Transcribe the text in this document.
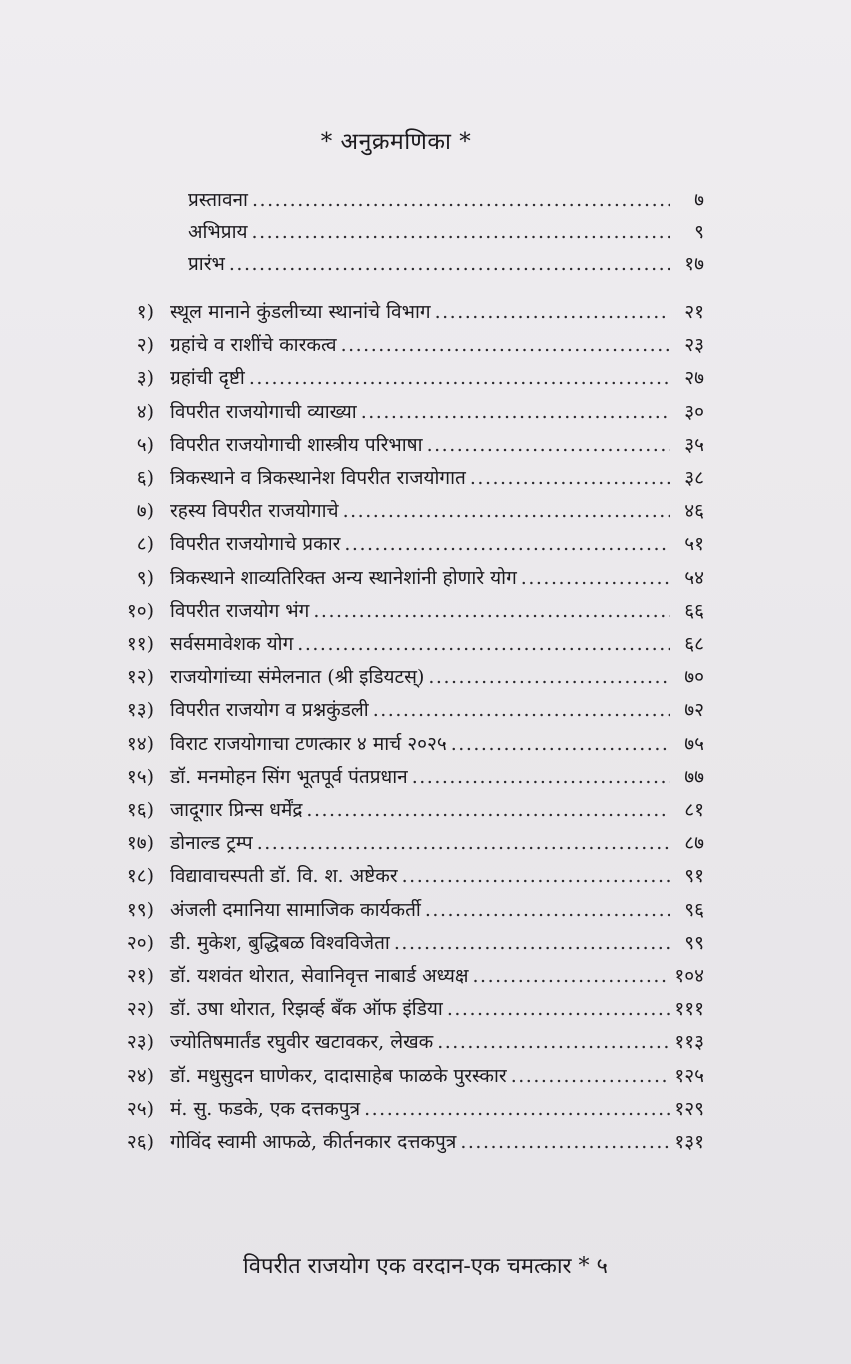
* अनुक्रमणिका *
प्रस्तावना .....	७
अभिप्राय .....	९
प्रारंभ .....	१७
१) स्थूल मानाने कुंडलीच्या स्थानांचे विभाग .....	२१
२) ग्रहांचे व राशींचे कारकत्व .....	२३
३) ग्रहांची दृष्टी .....	२७
४) विपरीत राजयोगाची व्याख्या .....	३०
५) विपरीत राजयोगाची शास्त्रीय परिभाषा .....	३५
६) त्रिकस्थाने व त्रिकस्थानेश विपरीत राजयोगात .....	३८
७) रहस्य विपरीत राजयोगाचे .....	४६
८) विपरीत राजयोगाचे प्रकार .....	५१
९) त्रिकस्थाने शाव्यतिरिक्त अन्य स्थानेशांनी होणारे योग .....	५४
१०) विपरीत राजयोग भंग .....	६६
११) सर्वसमावेशक योग .....	६८
१२) राजयोगांच्या संमेलनात (श्री इडियटस्) .....	७०
१३) विपरीत राजयोग व प्रश्नकुंडली .....	७२
१४) विराट राजयोगाचा टणत्कार ४ मार्च २०२५ .....	७५
१५) डॉ. मनमोहन सिंग भूतपूर्व पंतप्रधान .....	७७
१६) जादूगार प्रिन्स धर्मेंद्र .....	८१
१७) डोनाल्ड ट्रम्प .....	८७
१८) विद्यावाचस्पती डॉ. वि. श. अष्टेकर .....	९१
१९) अंजली दमानिया सामाजिक कार्यकर्ती .....	९६
२०) डी. मुकेश, बुद्धिबळ विश्वविजेता .....	९९
२१) डॉ. यशवंत थोरात, सेवानिवृत्त नाबार्ड अध्यक्ष .....	१०४
२२) डॉ. उषा थोरात, रिझर्व्ह बँक ऑफ इंडिया .....	१११
२३) ज्योतिषमार्तंड रघुवीर खटावकर, लेखक .....	११३
२४) डॉ. मधुसुदन घाणेकर, दादासाहेब फाळके पुरस्कार .....	१२५
२५) मं. सु. फडके, एक दत्तकपुत्र .....	१२९
२६) गोविंद स्वामी आफळे, कीर्तनकार दत्तकपुत्र .....	१३१
विपरीत राजयोग एक वरदान-एक चमत्कार * ५
